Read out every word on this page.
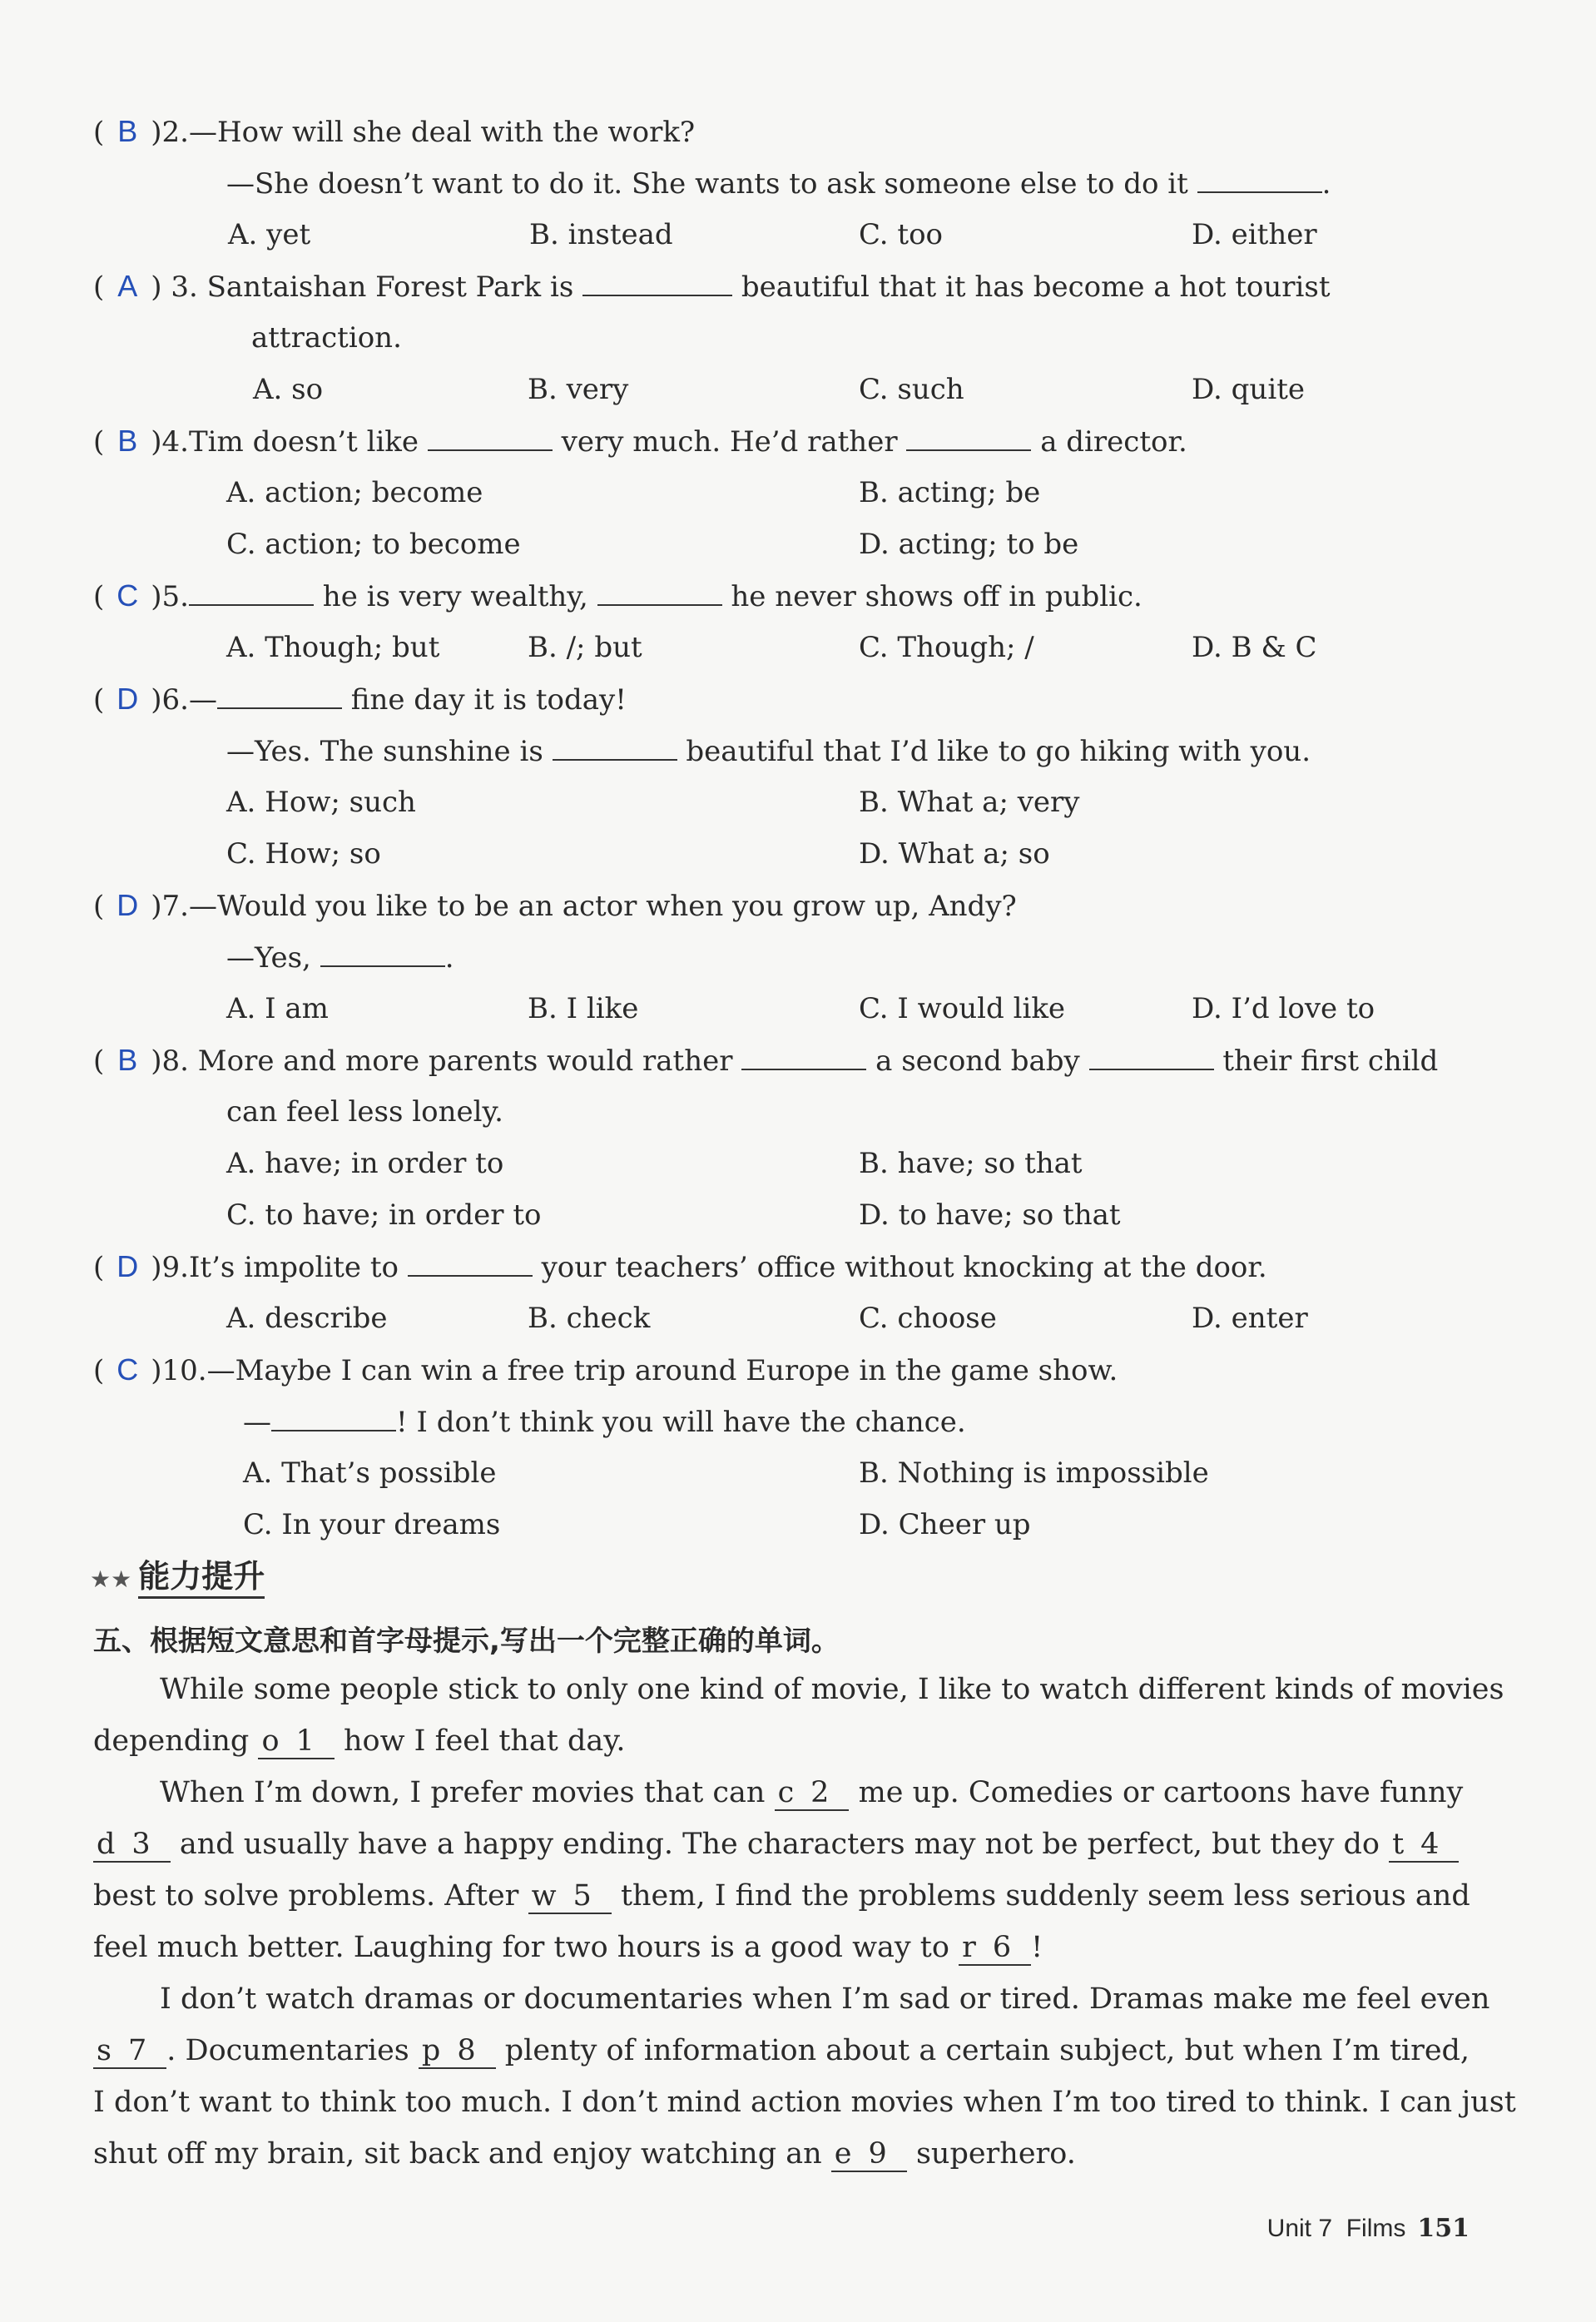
( B )2.—How will she deal with the work?
—She doesn’t want to do it. She wants to ask someone else to do it	.
A. yet	B. instead	C. too	D. either
( A ) 3. Santaishan Forest Park is	beautiful that it has become a hot tourist
attraction.
A. so	B. very	C. such	D. quite
( B )4.Tim doesn’t like	very much. He’d rather	a director.
A. action; become	B. acting; be
C. action; to become	D. acting; to be
( C )5.	he is very wealthy,	he never shows off in public.
A. Though; but	B. /; but	C. Though; /	D. B & C
( D )6.—	fine day it is today!
—Yes. The sunshine is	beautiful that I’d like to go hiking with you.
A. How; such	B. What a; very
C. How; so	D. What a; so
( D )7.—Would you like to be an actor when you grow up, Andy?
—Yes,	.
A. I am	B. I like	C. I would like	D. I’d love to
( B )8. More and more parents would rather	a second baby	their first child
can feel less lonely.
A. have; in order to	B. have; so that
C. to have; in order to	D. to have; so that
( D )9.It’s impolite to	your teachers’ office without knocking at the door.
A. describe	B. check	C. choose	D. enter
( C )10.—Maybe I can win a free trip around Europe in the game show.
—	! I don’t think you will have the chance.
A. That’s possible	B. Nothing is impossible
C. In your dreams	D. Cheer up
★★ 能力提升
五、根据短文意思和首字母提示,写出一个完整正确的单词。
While some people stick to only one kind of movie, I like to watch different kinds of movies
depending o 1 how I feel that day.
When I’m down, I prefer movies that can c 2 me up. Comedies or cartoons have funny
d 3 and usually have a happy ending. The characters may not be perfect, but they do t 4
best to solve problems. After w 5 them, I find the problems suddenly seem less serious and
feel much better. Laughing for two hours is a good way to r 6 !
I don’t watch dramas or documentaries when I’m sad or tired. Dramas make me feel even
s 7 . Documentaries p 8 plenty of information about a certain subject, but when I’m tired,
I don’t want to think too much. I don’t mind action movies when I’m too tired to think. I can just
shut off my brain, sit back and enjoy watching an e 9 superhero.
Unit 7 Films 151
